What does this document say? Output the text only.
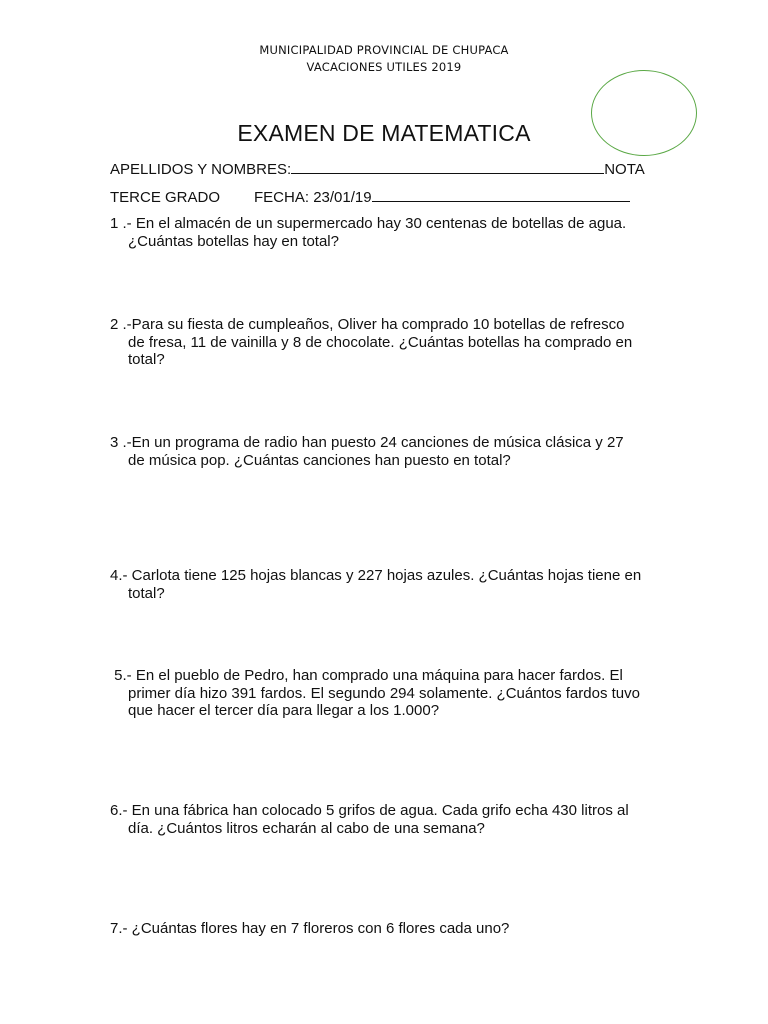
MUNICIPALIDAD PROVINCIAL DE CHUPACA
VACACIONES UTILES 2019
EXAMEN DE MATEMATICA
APELLIDOS Y NOMBRES:	NOTA
TERCE GRADO FECHA: 23/01/19
1 .- En el almacén de un supermercado hay 30 centenas de botellas de agua.
¿Cuántas botellas hay en total?
2 .-Para su fiesta de cumpleaños, Oliver ha comprado 10 botellas de refresco
de fresa, 11 de vainilla y 8 de chocolate. ¿Cuántas botellas ha comprado en
total?
3 .-En un programa de radio han puesto 24 canciones de música clásica y 27
de música pop. ¿Cuántas canciones han puesto en total?
4.- Carlota tiene 125 hojas blancas y 227 hojas azules. ¿Cuántas hojas tiene en
total?
5.- En el pueblo de Pedro, han comprado una máquina para hacer fardos. El
primer día hizo 391 fardos. El segundo 294 solamente. ¿Cuántos fardos tuvo
que hacer el tercer día para llegar a los 1.000?
6.- En una fábrica han colocado 5 grifos de agua. Cada grifo echa 430 litros al
día. ¿Cuántos litros echarán al cabo de una semana?
7.- ¿Cuántas flores hay en 7 floreros con 6 flores cada uno?
